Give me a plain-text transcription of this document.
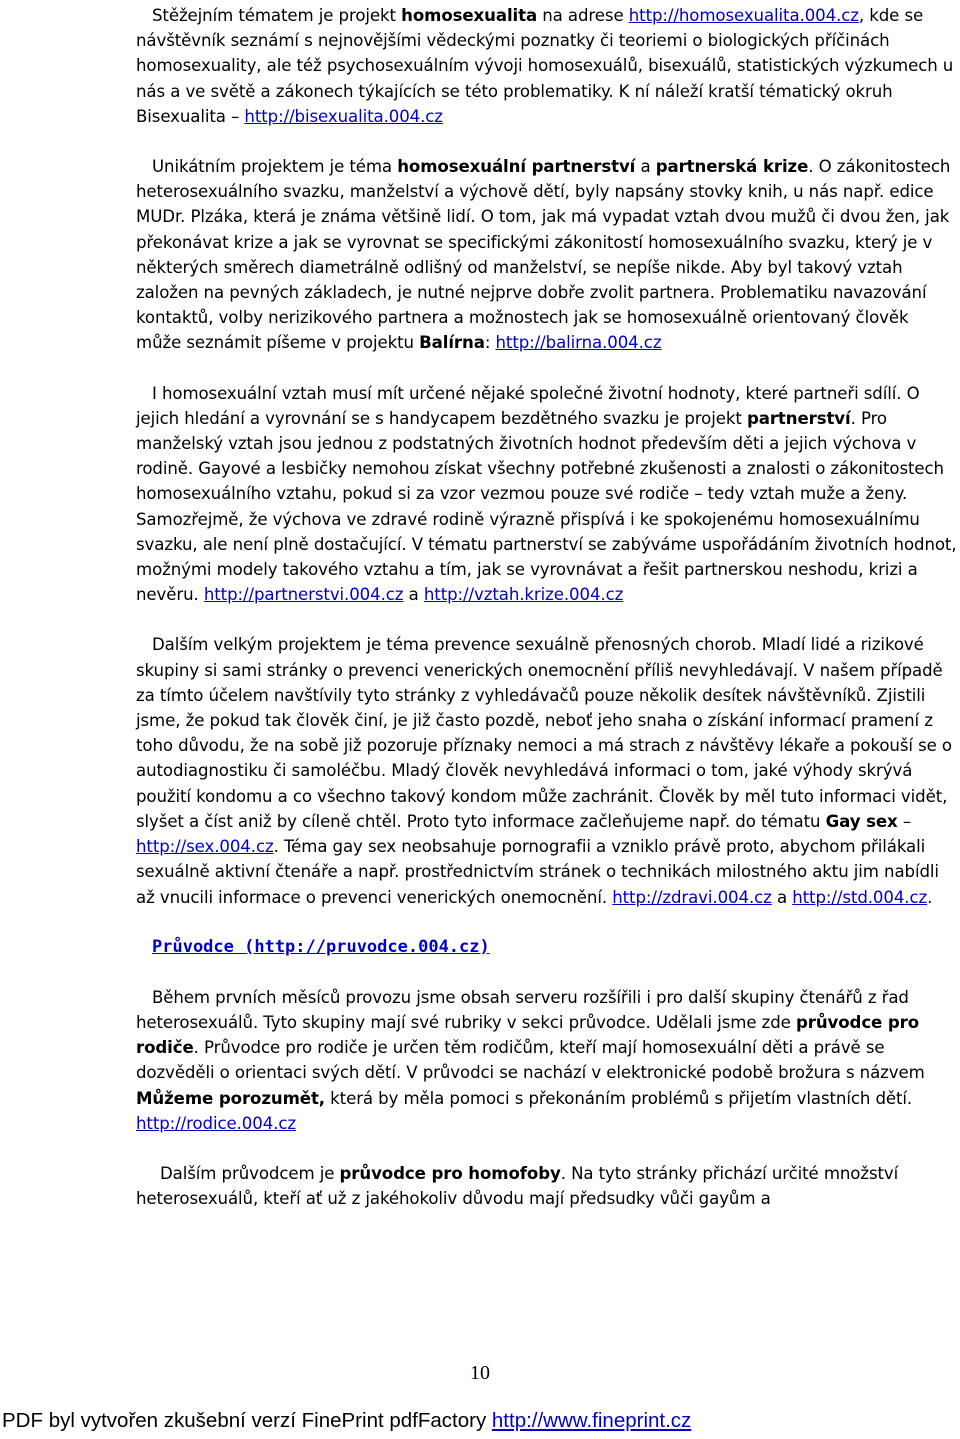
Stěžejním tématem je projekt homosexualita na adrese http://homosexualita.004.cz, kde se návštěvník seznámí s nejnovějšími vědeckými poznatky či teoriemi o biologických příčinách homosexuality, ale též psychosexuálním vývoji homosexuálů, bisexuálů, statistických výzkumech u nás a ve světě a zákonech týkajících se této problematiky. K ní náleží kratší tématický okruh Bisexualita – http://bisexualita.004.cz

Unikátním projektem je téma homosexuální partnerství a partnerská krize. O zákonitostech heterosexuálního svazku, manželství a výchově dětí, byly napsány stovky knih, u nás např. edice MUDr. Plzáka, která je známa většině lidí. O tom, jak má vypadat vztah dvou mužů či dvou žen, jak překonávat krize a jak se vyrovnat se specifickými zákonitostí homosexuálního svazku, který je v některých směrech diametrálně odlišný od manželství, se nepíše nikde. Aby byl takový vztah založen na pevných základech, je nutné nejprve dobře zvolit partnera. Problematiku navazování kontaktů, volby nerizikového partnera a možnostech jak se homosexuálně orientovaný člověk může seznámit píšeme v projektu Balírna: http://balirna.004.cz

I homosexuální vztah musí mít určené nějaké společné životní hodnoty, které partneři sdílí. O jejich hledání a vyrovnání se s handycapem bezdětného svazku je projekt partnerství. Pro manželský vztah jsou jednou z podstatných životních hodnot především děti a jejich výchova v rodině. Gayové a lesbičky nemohou získat všechny potřebné zkušenosti a znalosti o zákonitostech homosexuálního vztahu, pokud si za vzor vezmou pouze své rodiče – tedy vztah muže a ženy. Samozřejmě, že výchova ve zdravé rodině výrazně přispívá i ke spokojenému homosexuálnímu svazku, ale není plně dostačující. V tématu partnerství se zabýváme uspořádáním životních hodnot, možnými modely takového vztahu a tím, jak se vyrovnávat a řešit partnerskou neshodu, krizi a nevěru. http://partnerstvi.004.cz a http://vztah.krize.004.cz

Dalším velkým projektem je téma prevence sexuálně přenosných chorob. Mladí lidé a rizikové skupiny si sami stránky o prevenci venerických onemocnění příliš nevyhledávají. V našem případě za tímto účelem navštívily tyto stránky z vyhledávačů pouze několik desítek návštěvníků. Zjistili jsme, že pokud tak člověk činí, je již často pozdě, neboť jeho snaha o získání informací pramení z toho důvodu, že na sobě již pozoruje příznaky nemoci a má strach z návštěvy lékaře a pokouší se o autodiagnostiku či samoléčbu. Mladý člověk nevyhledává informaci o tom, jaké výhody skrývá použití kondomu a co všechno takový kondom může zachránit. Člověk by měl tuto informaci vidět, slyšet a číst aniž by cíleně chtěl. Proto tyto informace začleňujeme např. do tématu Gay sex – http://sex.004.cz. Téma gay sex neobsahuje pornografii a vzniklo právě proto, abychom přilákali sexuálně aktivní čtenáře a např. prostřednictvím stránek o technikách milostného aktu jim nabídli až vnucili informace o prevenci venerických onemocnění. http://zdravi.004.cz a http://std.004.cz.

Průvodce (http://pruvodce.004.cz)

Během prvních měsíců provozu jsme obsah serveru rozšířili i pro další skupiny čtenářů z řad heterosexuálů. Tyto skupiny mají své rubriky v sekci průvodce. Udělali jsme zde průvodce pro rodiče. Průvodce pro rodiče je určen těm rodičům, kteří mají homosexuální děti a právě se dozvěděli o orientaci svých dětí. V průvodci se nachází v elektronické podobě brožura s názvem Můžeme porozumět, která by měla pomoci s překonáním problémů s přijetím vlastních dětí. http://rodice.004.cz

Dalším průvodcem je průvodce pro homofoby. Na tyto stránky přichází určité množství heterosexuálů, kteří ať už z jakéhokoliv důvodu mají předsudky vůči gayům a

10
PDF byl vytvořen zkušební verzí FinePrint pdfFactory http://www.fineprint.cz
